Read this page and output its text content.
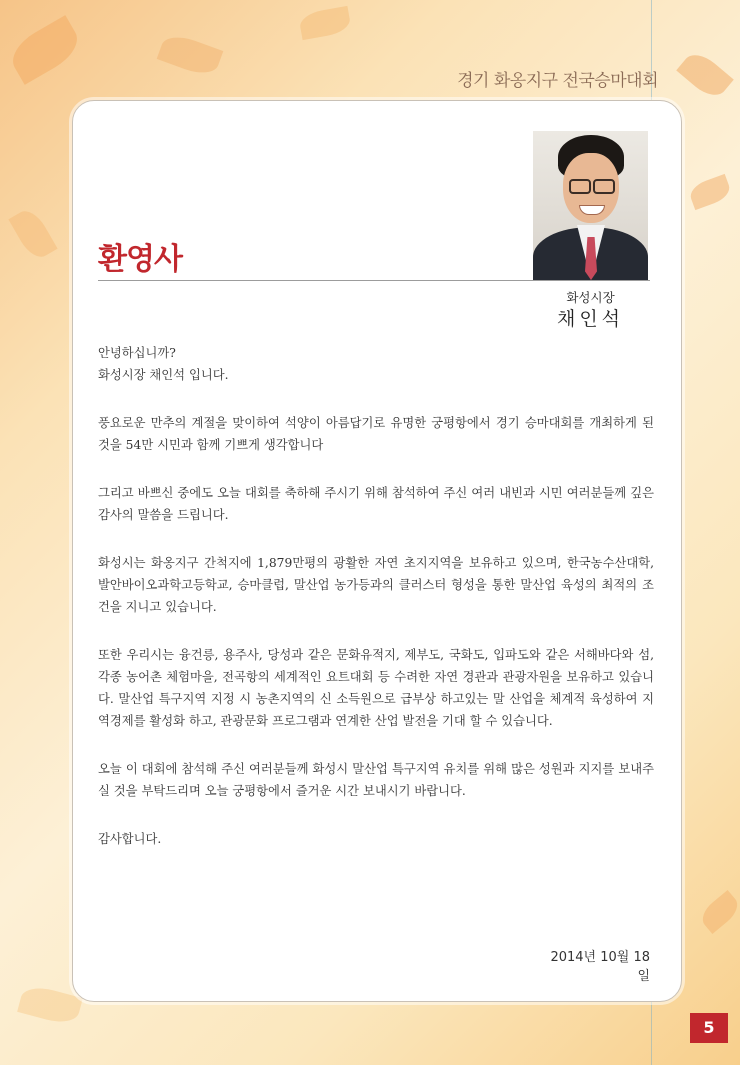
경기 화옹지구 전국승마대회
환영사
화성시장
채인석

안녕하십니까?
화성시장 채인석 입니다.

풍요로운 만추의 계절을 맞이하여 석양이 아름답기로 유명한 궁평항에서 경기 승마대회를 개최하게 된 것을 54만 시민과 함께 기쁘게 생각합니다

그리고 바쁘신 중에도 오늘 대회를 축하해 주시기 위해 참석하여 주신 여러 내빈과 시민 여러분들께 깊은 감사의 말씀을 드립니다.

화성시는 화옹지구 간척지에 1,879만평의 광활한 자연 초지지역을 보유하고 있으며, 한국농수산대학, 발안바이오과학고등학교, 승마클럽, 말산업 농가등과의 클러스터 형성을 통한 말산업 육성의 최적의 조건을 지니고 있습니다.

또한 우리시는 융건릉, 용주사, 당성과 같은 문화유적지, 제부도, 국화도, 입파도와 같은 서해바다와 섬, 각종 농어촌 체험마을, 전곡항의 세계적인 요트대회 등 수려한 자연 경관과 관광자원을 보유하고 있습니다. 말산업 특구지역 지정 시 농촌지역의 신 소득원으로 급부상 하고있는 말 산업을 체계적 육성하여 지역경제를 활성화 하고, 관광문화 프로그램과 연계한 산업 발전을 기대 할 수 있습니다.

오늘 이 대회에 참석해 주신 여러분들께 화성시 말산업 특구지역 유치를 위해 많은 성원과 지지를 보내주실 것을 부탁드리며 오늘 궁평항에서 즐거운 시간 보내시기 바랍니다.

감사합니다.

2014년 10월 18일
5
